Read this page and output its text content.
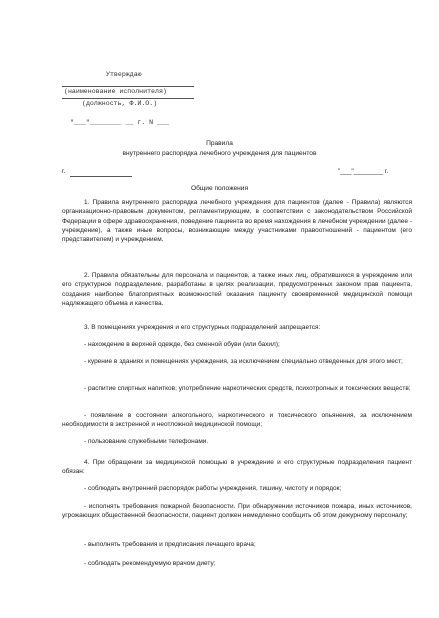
Утверждаю
(наименование исполнителя)
(должность, Ф.И.О.)
"___"________ __ г. N ___
Правила
внутреннего распорядка лечебного учреждения для пациентов
г.	"___"________ г.
Общие положения

1. Правила внутреннего распорядка лечебного учреждения для пациентов (далее - Правила) являются организационно-правовым документом, регламентирующим, в соответствии с законодательством Российской Федерации в сфере здравоохранения, поведение пациента во время нахождения в лечебном учреждении (далее - учреждение), а также иные вопросы, возникающие между участниками правоотношений - пациентом (его представителем) и учреждением.

2. Правила обязательны для персонала и пациентов, а также иных лиц, обратившихся в учреждение или его структурное подразделение, разработаны в целях реализации, предусмотренных законом прав пациента, создания наиболее благоприятных возможностей оказания пациенту своевременной медицинской помощи надлежащего объема и качества.

3. В помещениях учреждения и его структурных подразделений запрещается:

- нахождение в верхней одежде, без сменной обуви (или бахил);

- курение в зданиях и помещениях учреждения, за исключением специально отведенных для этого мест;

- распитие спиртных напитков; употребление наркотических средств, психотропных и токсических веществ;

- появление в состоянии алкогольного, наркотического и токсического опьянения, за исключением необходимости в экстренной и неотложной медицинской помощи;

- пользование служебными телефонами.

4. При обращении за медицинской помощью в учреждение и его структурные подразделения пациент обязан:

- соблюдать внутренний распорядок работы учреждения, тишину, чистоту и порядок;

- исполнять требования пожарной безопасности. При обнаружении источников пожара, иных источников, угрожающих общественной безопасности, пациент должен немедленно сообщить об этом дежурному персоналу;

- выполнять требования и предписания лечащего врача;

- соблюдать рекомендуемую врачом диету;
